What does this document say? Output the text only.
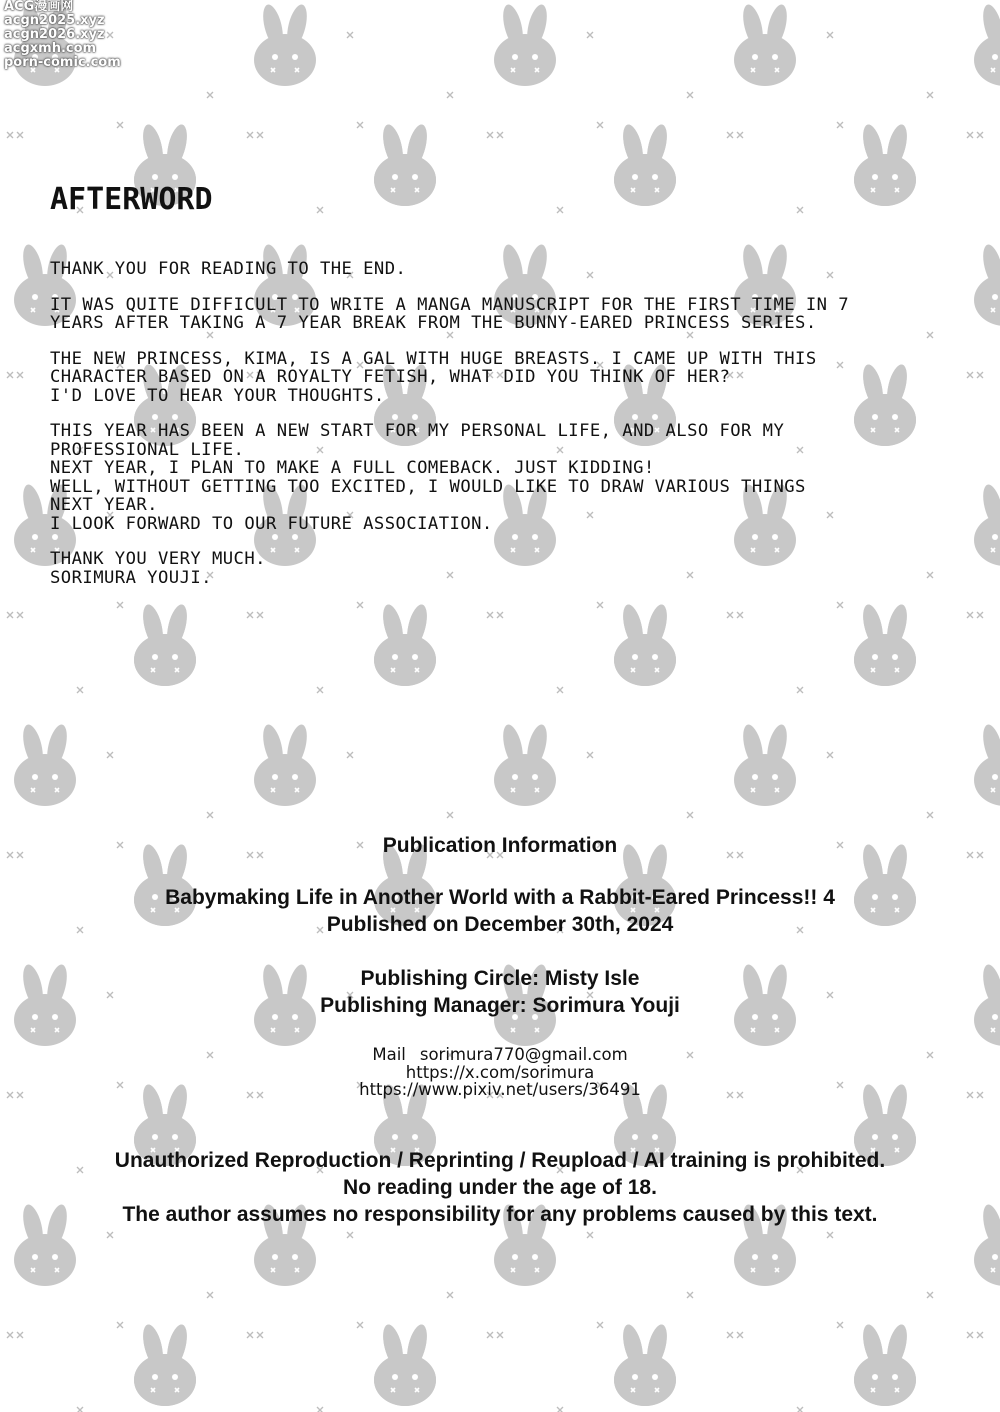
ACG漫画网
acgn2025.xyz
acgn2026.xyz
acgxmh.com
porn-comic.com
AFTERWORD
THANK YOU FOR READING TO THE END.
IT WAS QUITE DIFFICULT TO WRITE A MANGA MANUSCRIPT FOR THE FIRST TIME IN 7
YEARS AFTER TAKING A 7 YEAR BREAK FROM THE BUNNY-EARED PRINCESS SERIES.
THE NEW PRINCESS, KIMA, IS A GAL WITH HUGE BREASTS. I CAME UP WITH THIS
CHARACTER BASED ON A ROYALTY FETISH, WHAT DID YOU THINK OF HER?
I'D LOVE TO HEAR YOUR THOUGHTS.
THIS YEAR HAS BEEN A NEW START FOR MY PERSONAL LIFE, AND ALSO FOR MY
PROFESSIONAL LIFE.
NEXT YEAR, I PLAN TO MAKE A FULL COMEBACK. JUST KIDDING!
WELL, WITHOUT GETTING TOO EXCITED, I WOULD LIKE TO DRAW VARIOUS THINGS
NEXT YEAR.
I LOOK FORWARD TO OUR FUTURE ASSOCIATION.
THANK YOU VERY MUCH.
SORIMURA YOUJI.
Publication Information
Babymaking Life in Another World with a Rabbit-Eared Princess!! 4
Published on December 30th, 2024
Publishing Circle: Misty Isle
Publishing Manager: Sorimura Youji
Mail sorimura770@gmail.com
https://x.com/sorimura
https://www.pixiv.net/users/36491
Unauthorized Reproduction / Reprinting / Reupload / AI training is prohibited.
No reading under the age of 18.
The author assumes no responsibility for any problems caused by this text.
